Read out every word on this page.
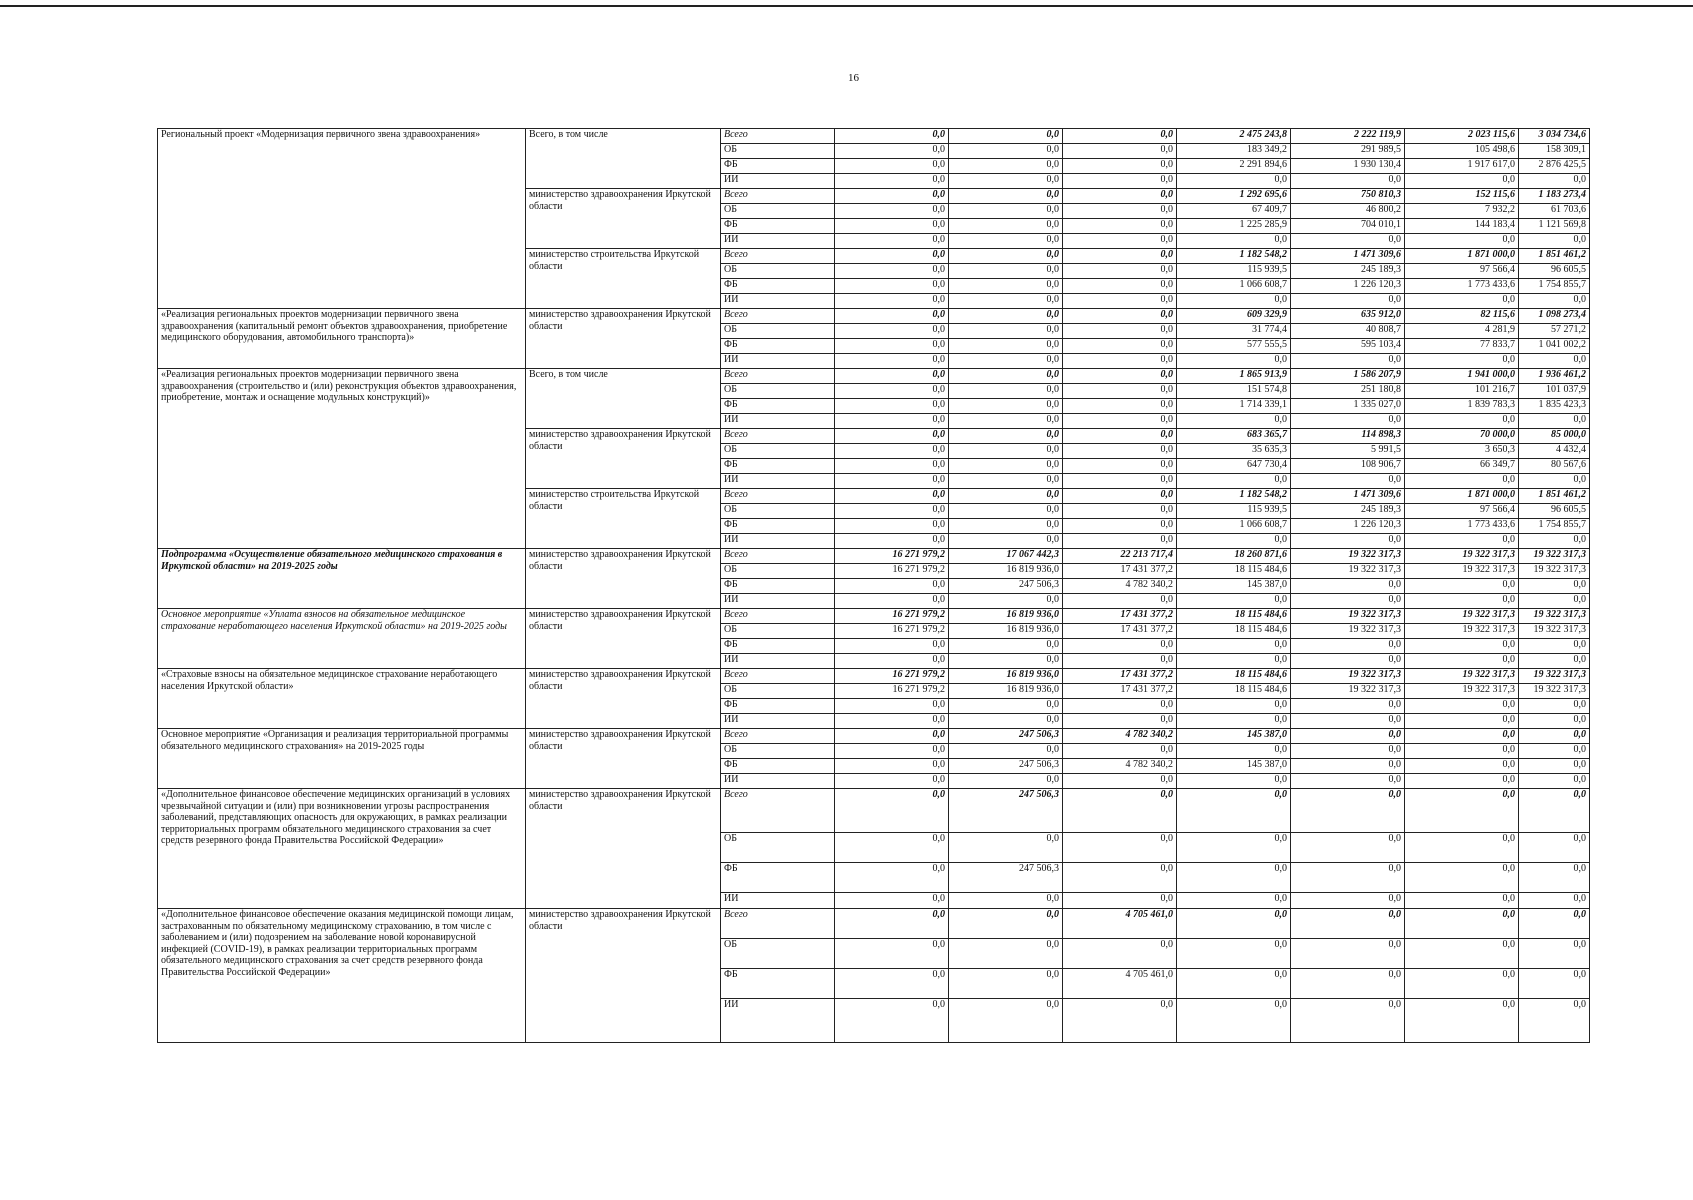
16
Региональный проект «Модернизация первичного звена здравоохранения»	Всего, в том числе	Всего	0,0	0,0	0,0	2 475 243,8	2 222 119,9	2 023 115,6	3 034 734,6
		ОБ	0,0	0,0	0,0	183 349,2	291 989,5	105 498,6	158 309,1
		ФБ	0,0	0,0	0,0	2 291 894,6	1 930 130,4	1 917 617,0	2 876 425,5
		ИИ	0,0	0,0	0,0	0,0	0,0	0,0	0,0
	министерство здравоохранения Иркутской области	Всего	0,0	0,0	0,0	1 292 695,6	750 810,3	152 115,6	1 183 273,4
		ОБ	0,0	0,0	0,0	67 409,7	46 800,2	7 932,2	61 703,6
		ФБ	0,0	0,0	0,0	1 225 285,9	704 010,1	144 183,4	1 121 569,8
		ИИ	0,0	0,0	0,0	0,0	0,0	0,0	0,0
	министерство строительства Иркутской области	Всего	0,0	0,0	0,0	1 182 548,2	1 471 309,6	1 871 000,0	1 851 461,2
		ОБ	0,0	0,0	0,0	115 939,5	245 189,3	97 566,4	96 605,5
		ФБ	0,0	0,0	0,0	1 066 608,7	1 226 120,3	1 773 433,6	1 754 855,7
		ИИ	0,0	0,0	0,0	0,0	0,0	0,0	0,0
«Реализация региональных проектов модернизации первичного звена здравоохранения (капитальный ремонт объектов здравоохранения, приобретение медицинского оборудования, автомобильного транспорта)»	министерство здравоохранения Иркутской области	Всего	0,0	0,0	0,0	609 329,9	635 912,0	82 115,6	1 098 273,4
		ОБ	0,0	0,0	0,0	31 774,4	40 808,7	4 281,9	57 271,2
		ФБ	0,0	0,0	0,0	577 555,5	595 103,4	77 833,7	1 041 002,2
		ИИ	0,0	0,0	0,0	0,0	0,0	0,0	0,0
«Реализация региональных проектов модернизации первичного звена здравоохранения (строительство и (или) реконструкция объектов здравоохранения, приобретение, монтаж и оснащение модульных конструкций)»	Всего, в том числе	Всего	0,0	0,0	0,0	1 865 913,9	1 586 207,9	1 941 000,0	1 936 461,2
		ОБ	0,0	0,0	0,0	151 574,8	251 180,8	101 216,7	101 037,9
		ФБ	0,0	0,0	0,0	1 714 339,1	1 335 027,0	1 839 783,3	1 835 423,3
		ИИ	0,0	0,0	0,0	0,0	0,0	0,0	0,0
	министерство здравоохранения Иркутской области	Всего	0,0	0,0	0,0	683 365,7	114 898,3	70 000,0	85 000,0
		ОБ	0,0	0,0	0,0	35 635,3	5 991,5	3 650,3	4 432,4
		ФБ	0,0	0,0	0,0	647 730,4	108 906,7	66 349,7	80 567,6
		ИИ	0,0	0,0	0,0	0,0	0,0	0,0	0,0
	министерство строительства Иркутской области	Всего	0,0	0,0	0,0	1 182 548,2	1 471 309,6	1 871 000,0	1 851 461,2
		ОБ	0,0	0,0	0,0	115 939,5	245 189,3	97 566,4	96 605,5
		ФБ	0,0	0,0	0,0	1 066 608,7	1 226 120,3	1 773 433,6	1 754 855,7
		ИИ	0,0	0,0	0,0	0,0	0,0	0,0	0,0
Подпрограмма «Осуществление обязательного медицинского страхования в Иркутской области» на 2019-2025 годы	министерство здравоохранения Иркутской области	Всего	16 271 979,2	17 067 442,3	22 213 717,4	18 260 871,6	19 322 317,3	19 322 317,3	19 322 317,3
		ОБ	16 271 979,2	16 819 936,0	17 431 377,2	18 115 484,6	19 322 317,3	19 322 317,3	19 322 317,3
		ФБ	0,0	247 506,3	4 782 340,2	145 387,0	0,0	0,0	0,0
		ИИ	0,0	0,0	0,0	0,0	0,0	0,0	0,0
Основное мероприятие «Уплата взносов на обязательное медицинское страхование неработающего населения Иркутской области» на 2019-2025 годы	министерство здравоохранения Иркутской области	Всего	16 271 979,2	16 819 936,0	17 431 377,2	18 115 484,6	19 322 317,3	19 322 317,3	19 322 317,3
		ОБ	16 271 979,2	16 819 936,0	17 431 377,2	18 115 484,6	19 322 317,3	19 322 317,3	19 322 317,3
		ФБ	0,0	0,0	0,0	0,0	0,0	0,0	0,0
		ИИ	0,0	0,0	0,0	0,0	0,0	0,0	0,0
«Страховые взносы на обязательное медицинское страхование неработающего населения Иркутской области»	министерство здравоохранения Иркутской области	Всего	16 271 979,2	16 819 936,0	17 431 377,2	18 115 484,6	19 322 317,3	19 322 317,3	19 322 317,3
		ОБ	16 271 979,2	16 819 936,0	17 431 377,2	18 115 484,6	19 322 317,3	19 322 317,3	19 322 317,3
		ФБ	0,0	0,0	0,0	0,0	0,0	0,0	0,0
		ИИ	0,0	0,0	0,0	0,0	0,0	0,0	0,0
Основное мероприятие «Организация и реализация территориальной программы обязательного медицинского страхования» на 2019-2025 годы	министерство здравоохранения Иркутской области	Всего	0,0	247 506,3	4 782 340,2	145 387,0	0,0	0,0	0,0
		ОБ	0,0	0,0	0,0	0,0	0,0	0,0	0,0
		ФБ	0,0	247 506,3	4 782 340,2	145 387,0	0,0	0,0	0,0
		ИИ	0,0	0,0	0,0	0,0	0,0	0,0	0,0
«Дополнительное финансовое обеспечение медицинских организаций в условиях чрезвычайной ситуации и (или) при возникновении угрозы распространения заболеваний, представляющих опасность для окружающих, в рамках реализации территориальных программ обязательного медицинского страхования за счет средств резервного фонда Правительства Российской Федерации»	министерство здравоохранения Иркутской области	Всего	0,0	247 506,3	0,0	0,0	0,0	0,0	0,0
		ОБ	0,0	0,0	0,0	0,0	0,0	0,0	0,0
		ФБ	0,0	247 506,3	0,0	0,0	0,0	0,0	0,0
		ИИ	0,0	0,0	0,0	0,0	0,0	0,0	0,0
«Дополнительное финансовое обеспечение оказания медицинской помощи лицам, застрахованным по обязательному медицинскому страхованию, в том числе с заболеванием и (или) подозрением на заболевание новой коронавирусной инфекцией (COVID-19), в рамках реализации территориальных программ обязательного медицинского страхования за счет средств резервного фонда Правительства Российской Федерации»	министерство здравоохранения Иркутской области	Всего	0,0	0,0	4 705 461,0	0,0	0,0	0,0	0,0
		ОБ	0,0	0,0	0,0	0,0	0,0	0,0	0,0
		ФБ	0,0	0,0	4 705 461,0	0,0	0,0	0,0	0,0
		ИИ	0,0	0,0	0,0	0,0	0,0	0,0	0,0
